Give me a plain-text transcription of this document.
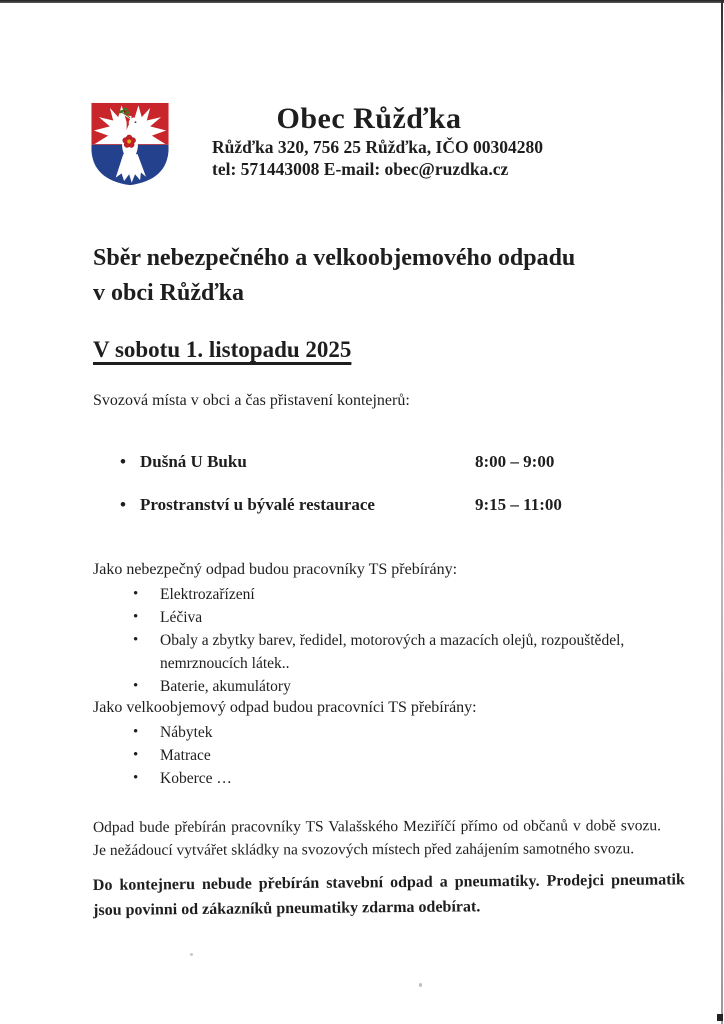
Obec Růžďka
Růžďka 320, 756 25 Růžďka, IČO 00304280
tel: 571443008 E-mail: obec@ruzdka.cz
Sběr nebezpečného a velkoobjemového odpadu
v obci Růžďka
V sobotu 1. listopadu 2025
Svozová místa v obci a čas přistavení kontejnerů:
• Dušná U Buku	8:00 – 9:00
• Prostranství u bývalé restaurace	9:15 – 11:00
Jako nebezpečný odpad budou pracovníky TS přebírány:
•	Elektrozařízení
•	Léčiva
•	Obaly a zbytky barev, ředidel, motorových a mazacích olejů, rozpouštědel, nemrznoucích látek..
•	Baterie, akumulátory
Jako velkoobjemový odpad budou pracovníci TS přebírány:
•	Nábytek
•	Matrace
•	Koberce …

Odpad bude přebírán pracovníky TS Valašského Meziříčí přímo od občanů v době svozu. Je nežádoucí vytvářet skládky na svozových místech před zahájením samotného svozu.

Do kontejneru nebude přebírán stavební odpad a pneumatiky. Prodejci pneumatik jsou povinni od zákazníků pneumatiky zdarma odebírat.
